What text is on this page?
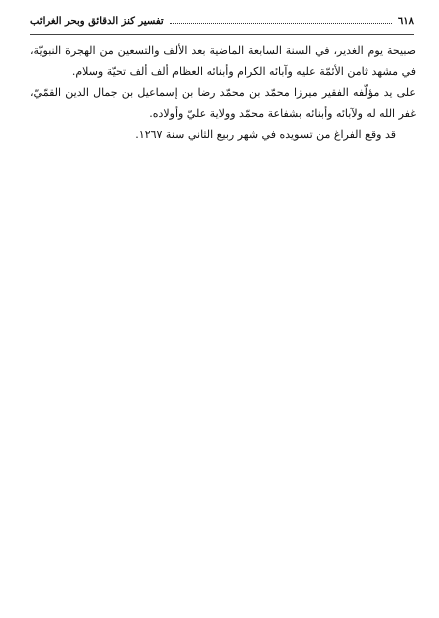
٦١٨
تفسير كنز الدقائق وبحر الغرائب

صبيحة يوم الغدير، في السنة السابعة الماضية بعد الألف والتسعين من الهجرة النبويّة، في مشهد ثامن الأئمّة عليه وآبائه الكرام وأبنائه العظام ألف ألف تحيّة وسلام.

على يد مؤلّفه الفقير ميرزا محمّد بن محمّد رضا بن إسماعيل بن جمال الدين القمّيّ، غفر الله له ولآبائه وأبنائه بشفاعة محمّد وولاية عليّ وأولاده.

قد وقع الفراغ من تسويده في شهر ربيع الثاني سنة ١٢٦٧.
